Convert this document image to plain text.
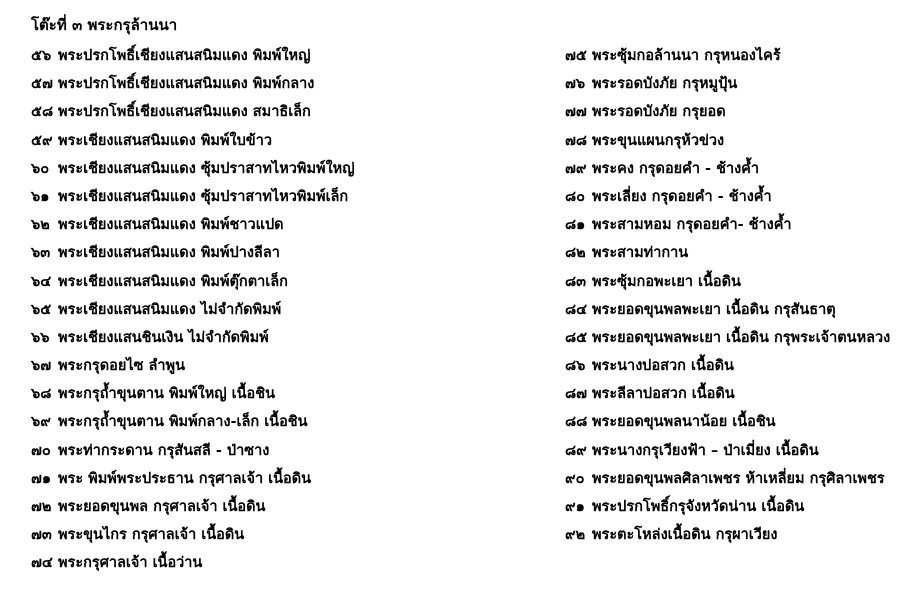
โต๊ะที่ ๓ พระกรุล้านนา
๕๖ พระปรกโพธิ์เชียงแสนสนิมแดง พิมพ์ใหญ่
๕๗ พระปรกโพธิ์เชียงแสนสนิมแดง พิมพ์กลาง
๕๘ พระปรกโพธิ์เชียงแสนสนิมแดง สมาธิเล็ก
๕๙ พระเชียงแสนสนิมแดง พิมพ์ใบข้าว
๖๐ พระเชียงแสนสนิมแดง ซุ้มปราสาทไหวพิมพ์ใหญ่
๖๑ พระเชียงแสนสนิมแดง ซุ้มปราสาทไหวพิมพ์เล็ก
๖๒ พระเชียงแสนสนิมแดง พิมพ์ชาวแปด
๖๓ พระเชียงแสนสนิมแดง พิมพ์ปางลีลา
๖๔ พระเชียงแสนสนิมแดง พิมพ์ตุ๊กตาเล็ก
๖๕ พระเชียงแสนสนิมแดง ไม่จำกัดพิมพ์
๖๖ พระเชียงแสนชินเงิน ไม่จำกัดพิมพ์
๖๗ พระกรุดอยไซ ลำพูน
๖๘ พระกรุถ้ำขุนตาน พิมพ์ใหญ่ เนื้อชิน
๖๙ พระกรุถ้ำขุนตาน พิมพ์กลาง-เล็ก เนื้อชิน
๗๐ พระท่ากระดาน กรุสันสลี - ป่าซาง
๗๑ พระ พิมพ์พระประธาน กรุศาลเจ้า เนื้อดิน
๗๒ พระยอดขุนพล กรุศาลเจ้า เนื้อดิน
๗๓ พระขุนไกร กรุศาลเจ้า เนื้อดิน
๗๔ พระกรุศาลเจ้า เนื้อว่าน
๗๕ พระซุ้มกอล้านนา กรุหนองไคร้
๗๖ พระรอดบังภัย กรุหมูปุ้น
๗๗ พระรอดบังภัย กรุยอด
๗๘ พระขุนแผนกรุห้วข่วง
๗๙ พระคง กรุดอยคำ - ช้างค้ำ
๘๐ พระเลี่ยง กรุดอยคำ - ช้างค้ำ
๘๑ พระสามหอม กรุดอยคำ- ช้างค้ำ
๘๒ พระสามท่ากาน
๘๓ พระซุ้มกอพะเยา เนื้อดิน
๘๔ พระยอดขุนพลพะเยา เนื้อดิน กรุสันธาตุ
๘๕ พระยอดขุนพลพะเยา เนื้อดิน กรุพระเจ้าตนหลวง
๘๖ พระนางบ่อสวก เนื้อดิน
๘๗ พระลีลาบ่อสวก เนื้อดิน
๘๘ พระยอดขุนพลนาน้อย เนื้อชิน
๘๙ พระนางกรุเวียงฟ้า – ป่าเมี่ยง เนื้อดิน
๙๐ พระยอดขุนพลศิลาเพชร ห้าเหลี่ยม กรุศิลาเพชร
๙๑ พระปรกโพธิ์กรุจังหวัดน่าน เนื้อดิน
๙๒ พระตะโหล่งเนื้อดิน กรุผาเวียง
